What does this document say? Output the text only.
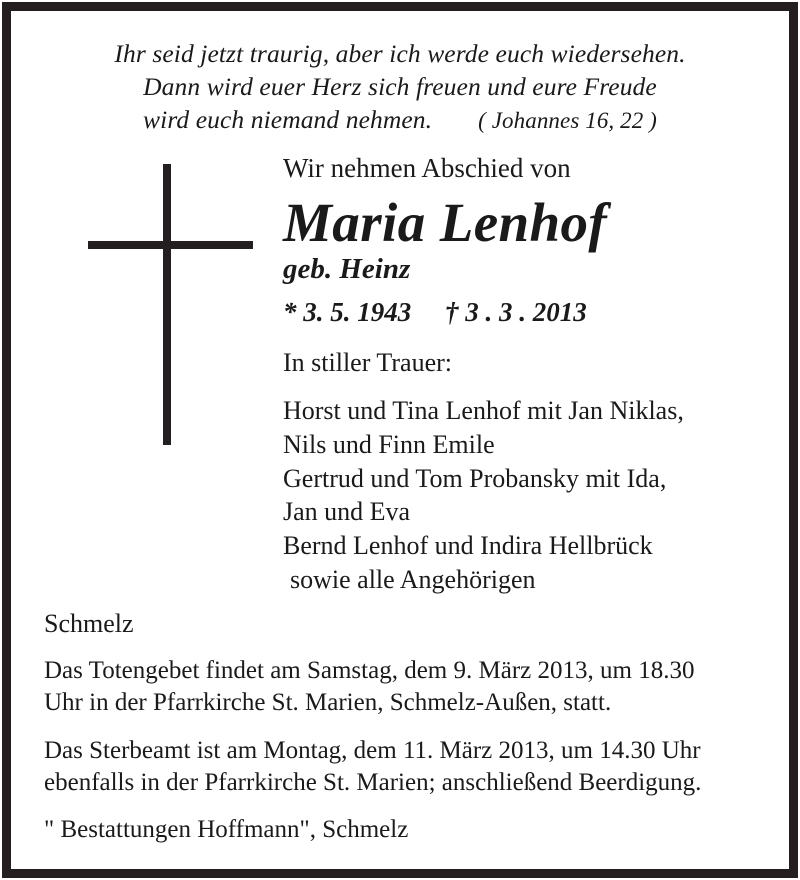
Ihr seid jetzt traurig, aber ich werde euch wiedersehen.
Dann wird euer Herz sich freuen und eure Freude
wird euch niemand nehmen. ( Johannes 16, 22 )

Wir nehmen Abschied von

Maria Lenhof

geb. Heinz

* 3. 5. 1943     † 3 . 3 . 2013

In stiller Trauer:

Horst und Tina Lenhof mit Jan Niklas,
Nils und Finn Emile
Gertrud und Tom Probansky mit Ida,
Jan und Eva
Bernd Lenhof und Indira Hellbrück
sowie alle Angehörigen

Schmelz

Das Totengebet findet am Samstag, dem 9. März 2013, um 18.30
Uhr in der Pfarrkirche St. Marien, Schmelz-Außen, statt.

Das Sterbeamt ist am Montag, dem 11. März 2013, um 14.30 Uhr
ebenfalls in der Pfarrkirche St. Marien; anschließend Beerdigung.

" Bestattungen Hoffmann", Schmelz
